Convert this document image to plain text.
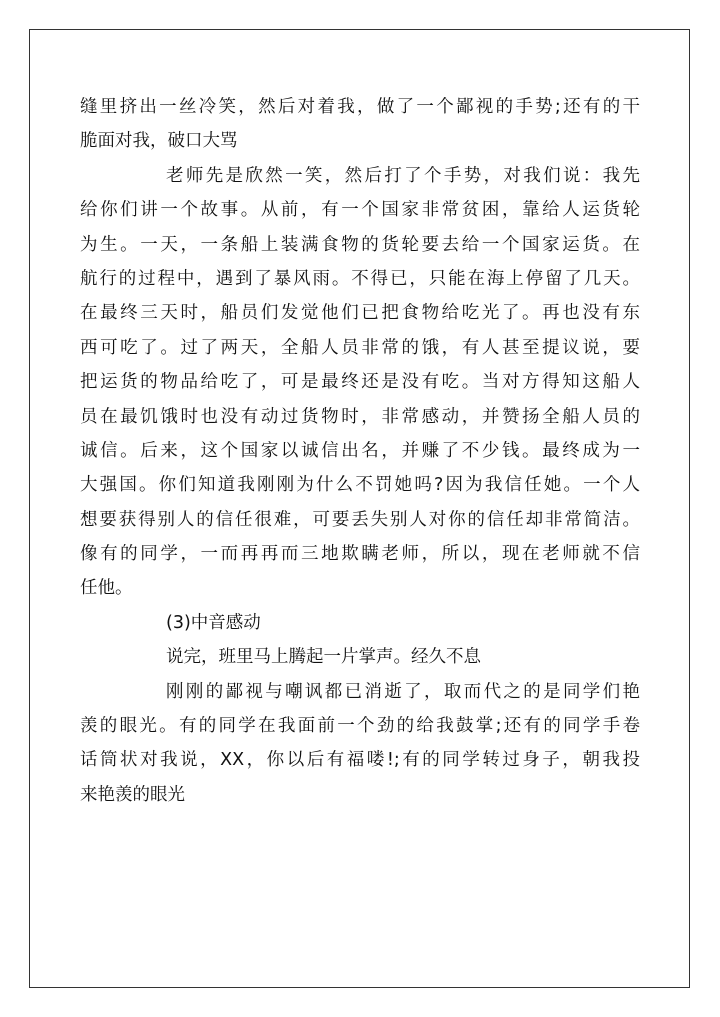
缝里挤出一丝冷笑，然后对着我，做了一个鄙视的手势;还有的干
脆面对我，破口大骂
老师先是欣然一笑，然后打了个手势，对我们说：我先
给你们讲一个故事。从前，有一个国家非常贫困，靠给人运货轮
为生。一天，一条船上装满食物的货轮要去给一个国家运货。在
航行的过程中，遇到了暴风雨。不得已，只能在海上停留了几天。
在最终三天时，船员们发觉他们已把食物给吃光了。再也没有东
西可吃了。过了两天，全船人员非常的饿，有人甚至提议说，要
把运货的物品给吃了，可是最终还是没有吃。当对方得知这船人
员在最饥饿时也没有动过货物时，非常感动，并赞扬全船人员的
诚信。后来，这个国家以诚信出名，并赚了不少钱。最终成为一
大强国。你们知道我刚刚为什么不罚她吗?因为我信任她。一个人
想要获得别人的信任很难，可要丢失别人对你的信任却非常简洁。
像有的同学，一而再再而三地欺瞒老师，所以，现在老师就不信
任他。
(3)中音感动
说完，班里马上腾起一片掌声。经久不息
刚刚的鄙视与嘲讽都已消逝了，取而代之的是同学们艳
羡的眼光。有的同学在我面前一个劲的给我鼓掌;还有的同学手卷
话筒状对我说，XX，你以后有福喽!;有的同学转过身子，朝我投
来艳羡的眼光
